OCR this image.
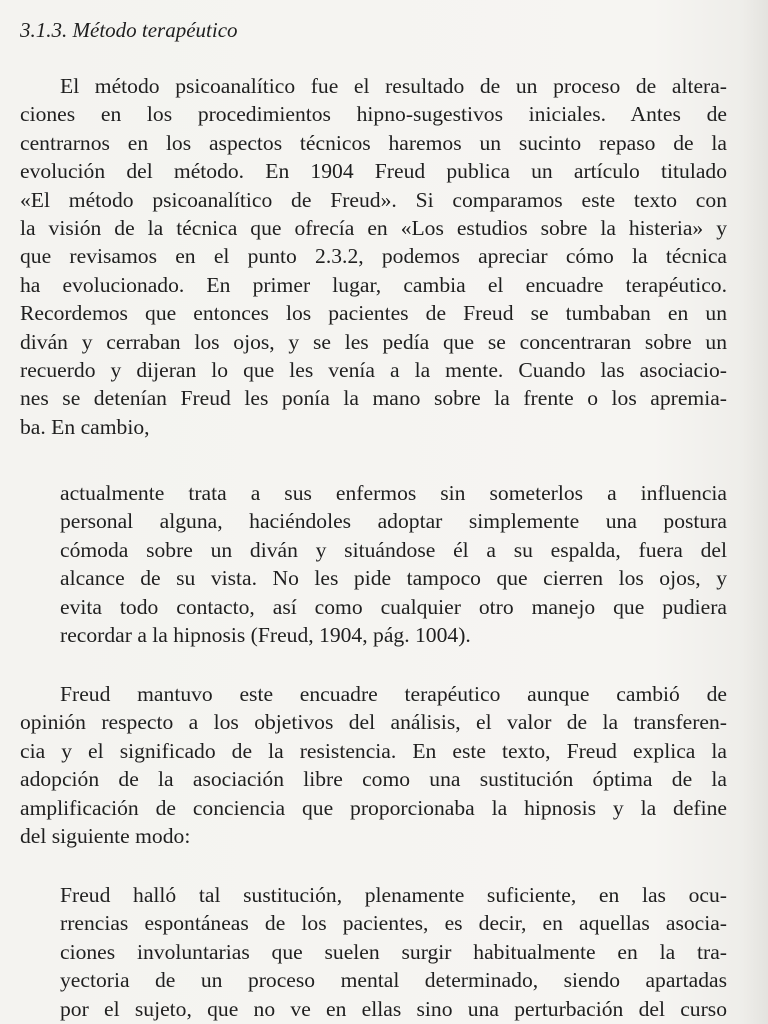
3.1.3. Método terapéutico
El método psicoanalítico fue el resultado de un proceso de altera-
ciones en los procedimientos hipno-sugestivos iniciales. Antes de
centrarnos en los aspectos técnicos haremos un sucinto repaso de la
evolución del método. En 1904 Freud publica un artículo titulado
«El método psicoanalítico de Freud». Si comparamos este texto con
la visión de la técnica que ofrecía en «Los estudios sobre la histeria» y
que revisamos en el punto 2.3.2, podemos apreciar cómo la técnica
ha evolucionado. En primer lugar, cambia el encuadre terapéutico.
Recordemos que entonces los pacientes de Freud se tumbaban en un
diván y cerraban los ojos, y se les pedía que se concentraran sobre un
recuerdo y dijeran lo que les venía a la mente. Cuando las asociacio-
nes se detenían Freud les ponía la mano sobre la frente o los apremia-
ba. En cambio,
actualmente trata a sus enfermos sin someterlos a influencia
personal alguna, haciéndoles adoptar simplemente una postura
cómoda sobre un diván y situándose él a su espalda, fuera del
alcance de su vista. No les pide tampoco que cierren los ojos, y
evita todo contacto, así como cualquier otro manejo que pudiera
recordar a la hipnosis (Freud, 1904, pág. 1004).
Freud mantuvo este encuadre terapéutico aunque cambió de
opinión respecto a los objetivos del análisis, el valor de la transferen-
cia y el significado de la resistencia. En este texto, Freud explica la
adopción de la asociación libre como una sustitución óptima de la
amplificación de conciencia que proporcionaba la hipnosis y la define
del siguiente modo:
Freud halló tal sustitución, plenamente suficiente, en las ocu-
rrencias espontáneas de los pacientes, es decir, en aquellas asocia-
ciones involuntarias que suelen surgir habitualmente en la tra-
yectoria de un proceso mental determinado, siendo apartadas
por el sujeto, que no ve en ellas sino una perturbación del curso
